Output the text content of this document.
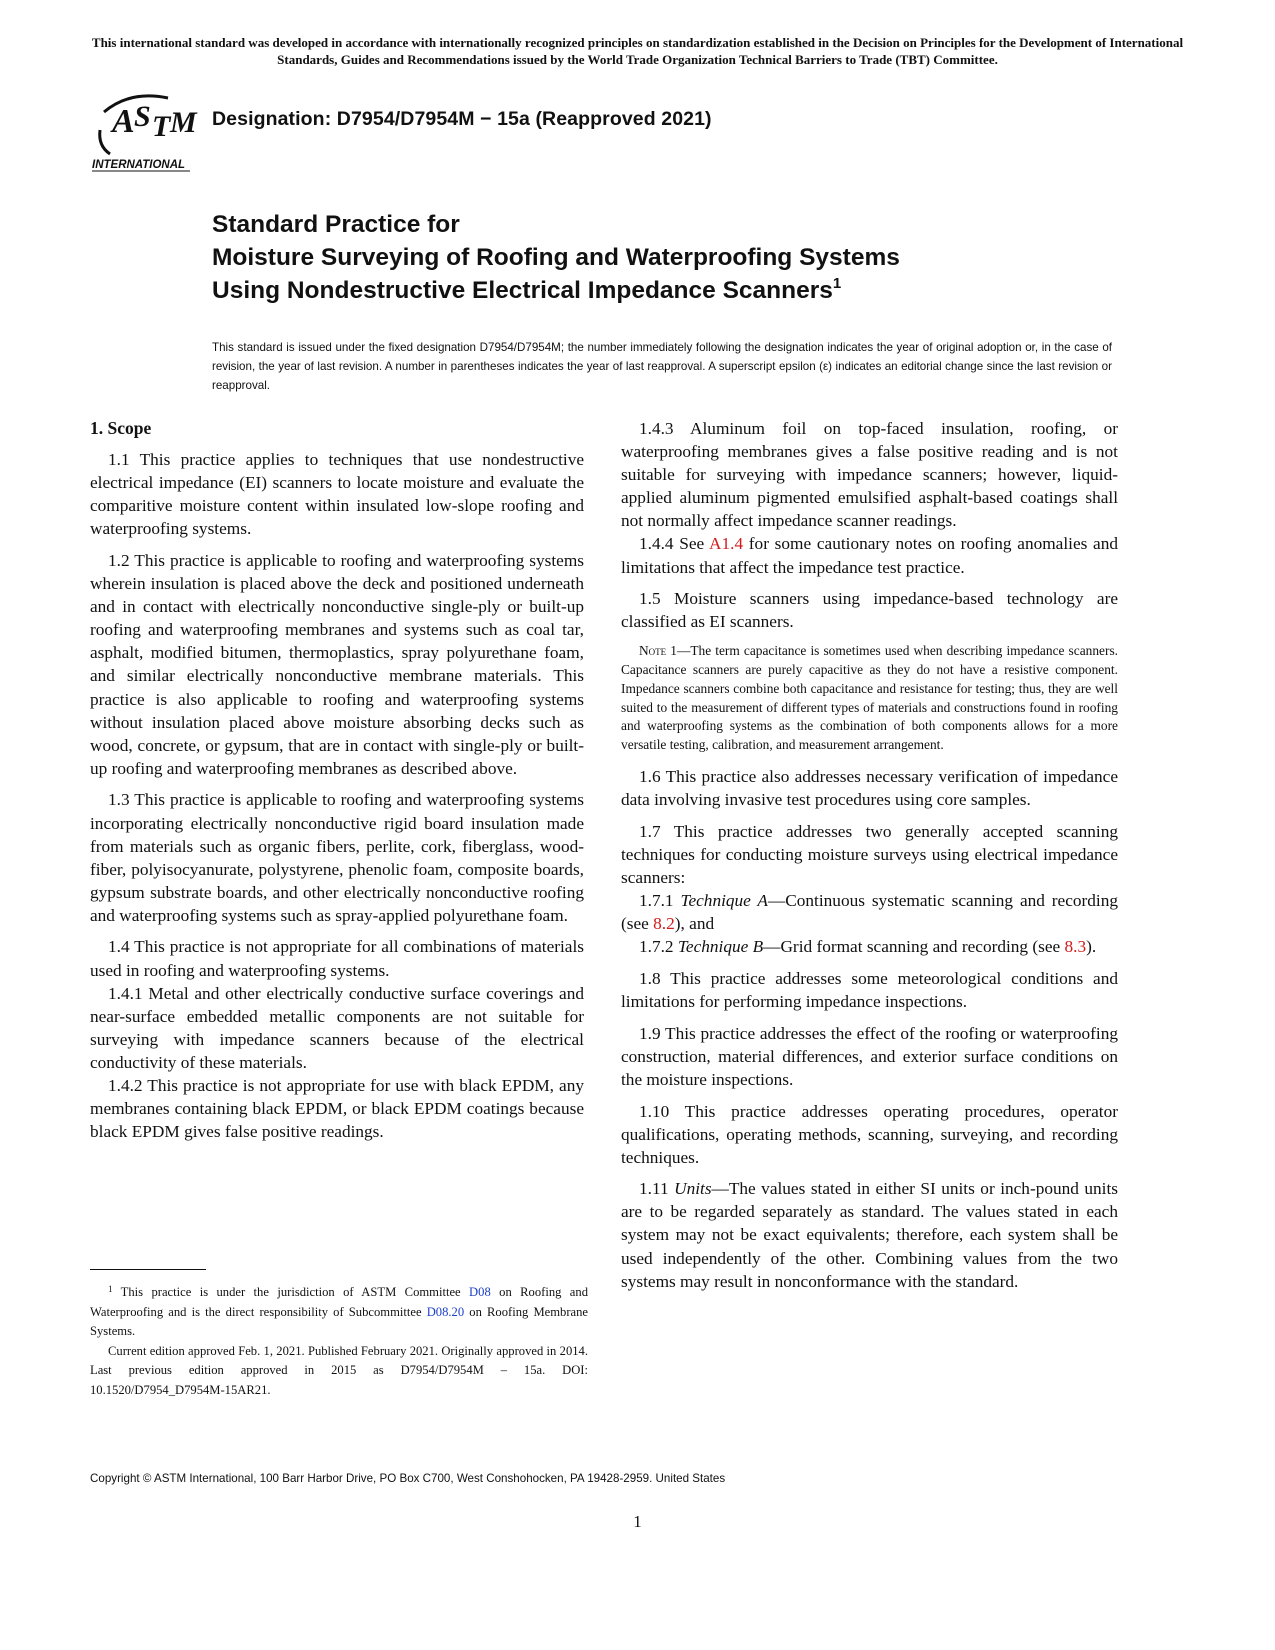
This international standard was developed in accordance with internationally recognized principles on standardization established in the Decision on Principles for the Development of International Standards, Guides and Recommendations issued by the World Trade Organization Technical Barriers to Trade (TBT) Committee.
A S T M
INTERNATIONAL
Designation: D7954/D7954M − 15a (Reapproved 2021)
Standard Practice for
Moisture Surveying of Roofing and Waterproofing Systems
Using Nondestructive Electrical Impedance Scanners$^1$
This standard is issued under the fixed designation D7954/D7954M; the number immediately following the designation indicates the year of original adoption or, in the case of revision, the year of last revision. A number in parentheses indicates the year of last reapproval. A superscript epsilon (ε) indicates an editorial change since the last revision or reapproval.
1. Scope

1.1 This practice applies to techniques that use nondestructive electrical impedance (EI) scanners to locate moisture and evaluate the comparitive moisture content within insulated low-slope roofing and waterproofing systems.

1.2 This practice is applicable to roofing and waterproofing systems wherein insulation is placed above the deck and positioned underneath and in contact with electrically nonconductive single-ply or built-up roofing and waterproofing membranes and systems such as coal tar, asphalt, modified bitumen, thermoplastics, spray polyurethane foam, and similar electrically nonconductive membrane materials. This practice is also applicable to roofing and waterproofing systems without insulation placed above moisture absorbing decks such as wood, concrete, or gypsum, that are in contact with single-ply or built-up roofing and waterproofing membranes as described above.

1.3 This practice is applicable to roofing and waterproofing systems incorporating electrically nonconductive rigid board insulation made from materials such as organic fibers, perlite, cork, fiberglass, wood-fiber, polyisocyanurate, polystyrene, phenolic foam, composite boards, gypsum substrate boards, and other electrically nonconductive roofing and waterproofing systems such as spray-applied polyurethane foam.

1.4 This practice is not appropriate for all combinations of materials used in roofing and waterproofing systems.

1.4.1 Metal and other electrically conductive surface coverings and near-surface embedded metallic components are not suitable for surveying with impedance scanners because of the electrical conductivity of these materials.

1.4.2 This practice is not appropriate for use with black EPDM, any membranes containing black EPDM, or black EPDM coatings because black EPDM gives false positive readings.

1.4.3 Aluminum foil on top-faced insulation, roofing, or waterproofing membranes gives a false positive reading and is not suitable for surveying with impedance scanners; however, liquid-applied aluminum pigmented emulsified asphalt-based coatings shall not normally affect impedance scanner readings.

1.4.4 See A1.4 for some cautionary notes on roofing anomalies and limitations that affect the impedance test practice.

1.5 Moisture scanners using impedance-based technology are classified as EI scanners.

Note 1—The term capacitance is sometimes used when describing impedance scanners. Capacitance scanners are purely capacitive as they do not have a resistive component. Impedance scanners combine both capacitance and resistance for testing; thus, they are well suited to the measurement of different types of materials and constructions found in roofing and waterproofing systems as the combination of both components allows for a more versatile testing, calibration, and measurement arrangement.

1.6 This practice also addresses necessary verification of impedance data involving invasive test procedures using core samples.

1.7 This practice addresses two generally accepted scanning techniques for conducting moisture surveys using electrical impedance scanners:

1.7.1 Technique A—Continuous systematic scanning and recording (see 8.2), and

1.7.2 Technique B—Grid format scanning and recording (see 8.3).

1.8 This practice addresses some meteorological conditions and limitations for performing impedance inspections.

1.9 This practice addresses the effect of the roofing or waterproofing construction, material differences, and exterior surface conditions on the moisture inspections.

1.10 This practice addresses operating procedures, operator qualifications, operating methods, scanning, surveying, and recording techniques.

1.11 Units—The values stated in either SI units or inch-pound units are to be regarded separately as standard. The values stated in each system may not be exact equivalents; therefore, each system shall be used independently of the other. Combining values from the two systems may result in nonconformance with the standard.

$^1$ This practice is under the jurisdiction of ASTM Committee D08 on Roofing and Waterproofing and is the direct responsibility of Subcommittee D08.20 on Roofing Membrane Systems.

Current edition approved Feb. 1, 2021. Published February 2021. Originally approved in 2014. Last previous edition approved in 2015 as D7954/D7954M – 15a. DOI: 10.1520/D7954_D7954M-15AR21.

Copyright © ASTM International, 100 Barr Harbor Drive, PO Box C700, West Conshohocken, PA 19428-2959. United States
1
